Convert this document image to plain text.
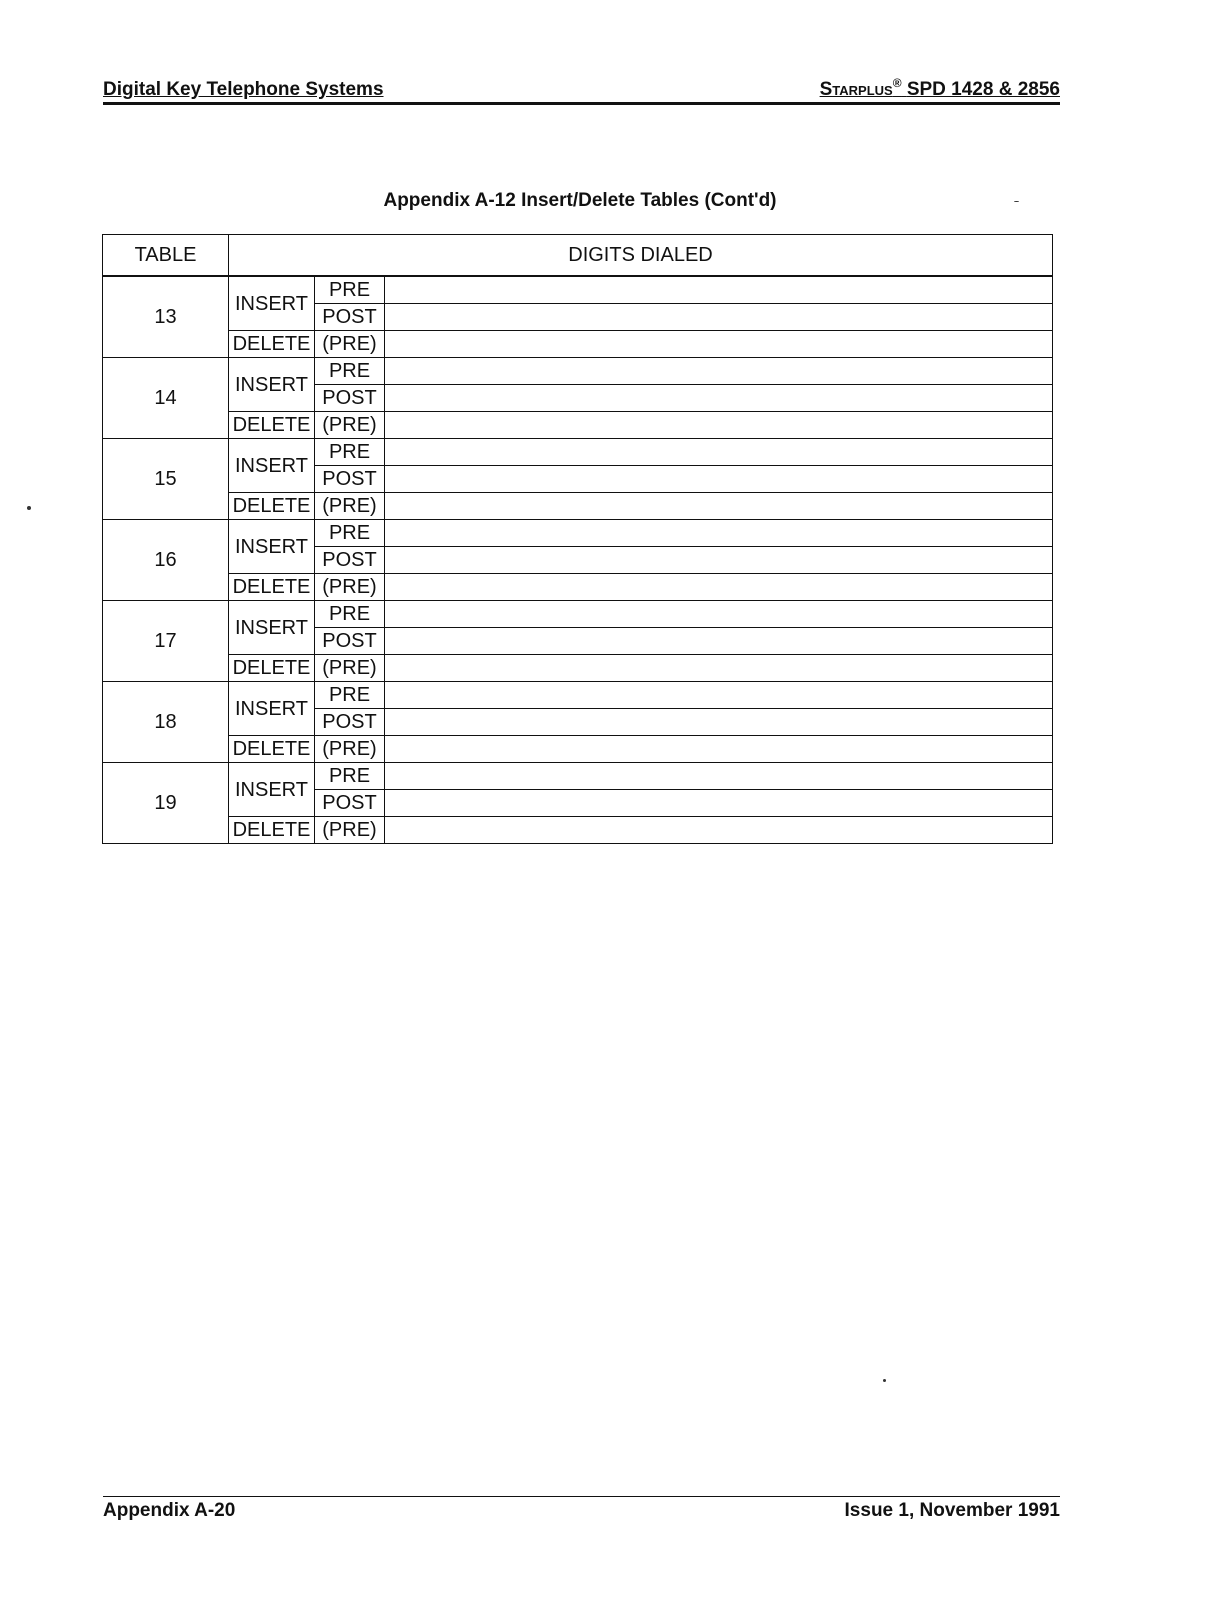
Digital Key Telephone Systems	Starplus® SPD 1428 & 2856
Appendix A-12 Insert/Delete Tables (Cont'd)
TABLE	DIGITS DIALED		
13	INSERT	PRE	
		POST	
	DELETE	(PRE)	
14	INSERT	PRE	
		POST	
	DELETE	(PRE)	
15	INSERT	PRE	
		POST	
	DELETE	(PRE)	
16	INSERT	PRE	
		POST	
	DELETE	(PRE)	
17	INSERT	PRE	
		POST	
	DELETE	(PRE)	
18	INSERT	PRE	
		POST	
	DELETE	(PRE)	
19	INSERT	PRE	
		POST	
	DELETE	(PRE)	
Appendix A-20	Issue 1, November 1991
